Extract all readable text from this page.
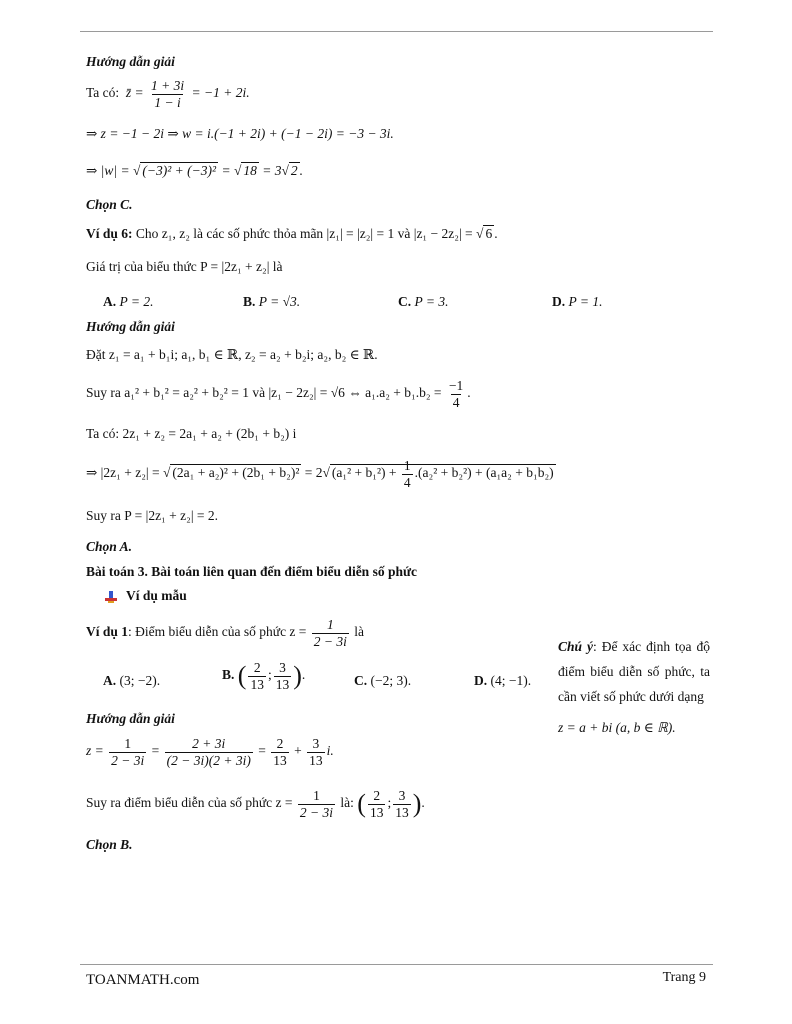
Hướng dẫn giải
Ta có: z̄ = $\frac{1 + 3i}{1 - i} = -1 + 2i$.
⇒ z = −1 − 2i ⇒ w = i.(−1 + 2i) + (−1 − 2i) = −3 − 3i.
⇒ |w| = √ (−3)² + (−3)² = √ 18 = 3√ 2 .
Chọn C.
Ví dụ 6: Cho z₁, z₂ là các số phức thỏa mãn |z₁| = |z₂| = 1 và |z₁ − 2z₂| = √ 6 .
Giá trị của biểu thức P = |2z₁ + z₂| là
A. P = 2.	B. P = √3.	C. P = 3.	D. P = 1.
Hướng dẫn giải
Đặt z₁ = a₁ + b₁i; a₁, b₁ ∈ ℝ, z₂ = a₂ + b₂i; a₂, b₂ ∈ ℝ.
Suy ra a₁² + b₁² = a₂² + b₂² = 1 và |z₁ − 2z₂| = √6 ⇔ $a_1.a_2 + b_1.b_2 = \frac{-1}{4}$ .
Ta có: 2z₁ + z₂ = 2a₁ + a₂ + (2b₁ + b₂) i
⇒ |2z₁ + z₂| = √ (2a₁ + a₂)² + (2b₁ + b₂)² = 2√ $(a_1^2 + b_1^2) + \frac{1}{4} .(a_2^2 + b_2^2) + (a_1a_2 + b_1b_2)$
Suy ra P = |2z₁ + z₂| = 2.
Chọn A.
Bài toán 3. Bài toán liên quan đến điểm biểu diễn số phức
Ví dụ mẫu
Ví dụ 1: Điểm biểu diễn của số phức $z = \frac{1}{2 - 3i}$ là
A. (3; −2).	B. ( $\frac{2}{13}$ ; $\frac{3}{13}$ ).	C. (−2; 3).	D. (4; −1).
Chú ý: Để xác định tọa độ điểm biểu diễn số phức, ta cần viết số phức dưới dạng
z = a + bi (a, b ∈ ℝ).
Hướng dẫn giải
$z = \frac{1}{2 - 3i} = \frac{2 + 3i}{(2 - 3i)(2 + 3i)} = \frac{2}{13} + \frac{3}{13} i$.
Suy ra điểm biểu diễn của số phức $z = \frac{1}{2 - 3i}$ là: ( $\frac{2}{13}$ ; $\frac{3}{13}$ ).
Chọn B.
TOANMATH.com	Trang 9
